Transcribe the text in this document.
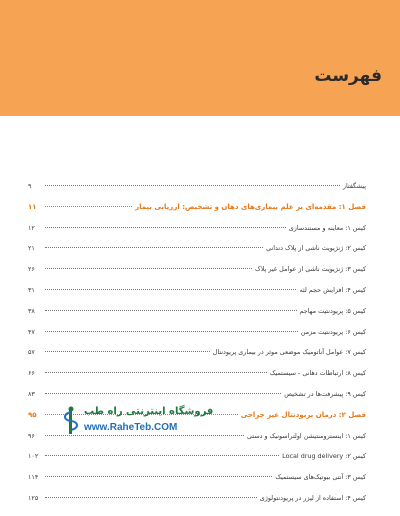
فهرست
پیشگفتار
۹
فصل ۱: مقدمه‌ای بر علم بیماری‌های دهان و تشخیص: ارزیابی بیمار
۱۱
کیس ۱: معاینه و مستندسازی
۱۲
کیس ۲: ژنژیویت ناشی از پلاک دندانی
۲۱
کیس ۳: ژنژیویت ناشی از عوامل غیر پلاک
۲۶
کیس ۴: افزایش حجم لثه
۳۱
کیس ۵: پریودنتیت مهاجم
۳۸
کیس ۶: پریودنتیت مزمن
۴۷
کیس ۷: عوامل آناتومیک موضعی موثر در بیماری پریودنتال
۵۷
کیس ۸: ارتباطات دهانی - سیستمیک
۶۶
کیس ۹: پیشرفت‌ها در تشخیص
۸۳
فصل ۲: درمان پریودنتال غیر جراحی
۹۵
کیس ۱: اینسترومنتیشن اولتراسونیک و دستی
۹۶
کیس ۲: Local drug delivery
۱۰۲
کیس ۳: آنتی بیوتیک‌های سیستمیک
۱۱۴
کیس ۴: استفاده از لیزر در پریودنتولوژی
۱۲۵
فروشگاه اینترنتی راه طب
www.RaheTeb.COM
